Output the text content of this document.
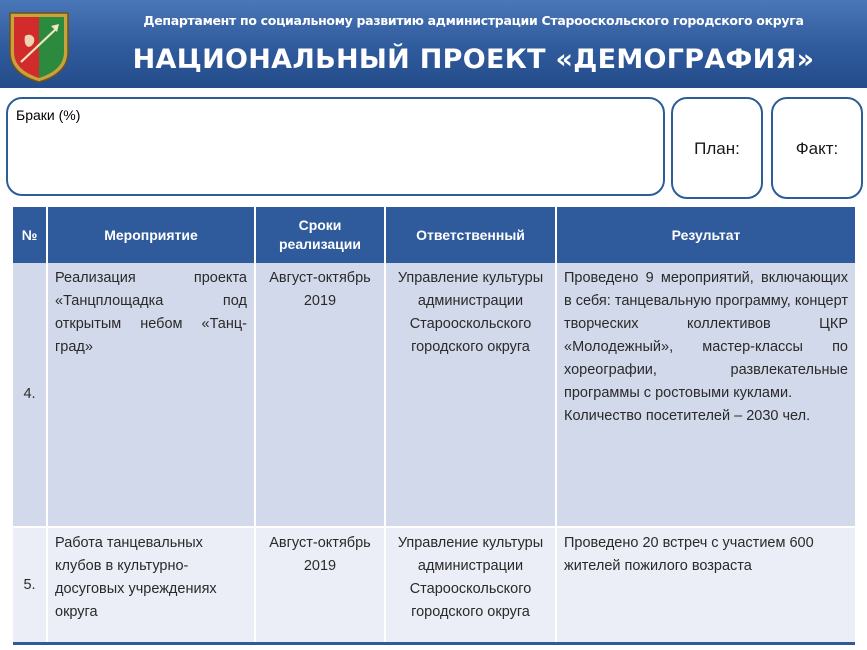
Департамент по социальному развитию администрации Старооскольского городского округа
НАЦИОНАЛЬНЫЙ ПРОЕКТ «ДЕМОГРАФИЯ»
Браки (%)
План:	Факт:
№	Мероприятие	Сроки реализации	Ответственный	Результат
4.	Реализация проекта «Танцплощадка под открытым небом «Танц-град»	Август-октябрь 2019	Управление культуры администрации Старооскольского городского округа	Проведено 9 мероприятий, включающих в себя: танцевальную программу, концерт творческих коллективов ЦКР «Молодежный», мастер-классы по хореографии, развлекательные программы с ростовыми куклами.
Количество посетителей – 2030 чел.

5.	Работа танцевальных клубов в культурно-досуговых учреждениях округа	Август-октябрь 2019	Управление культуры администрации Старооскольского городского округа	Проведено 20 встреч с участием 600 жителей пожилого возраста
